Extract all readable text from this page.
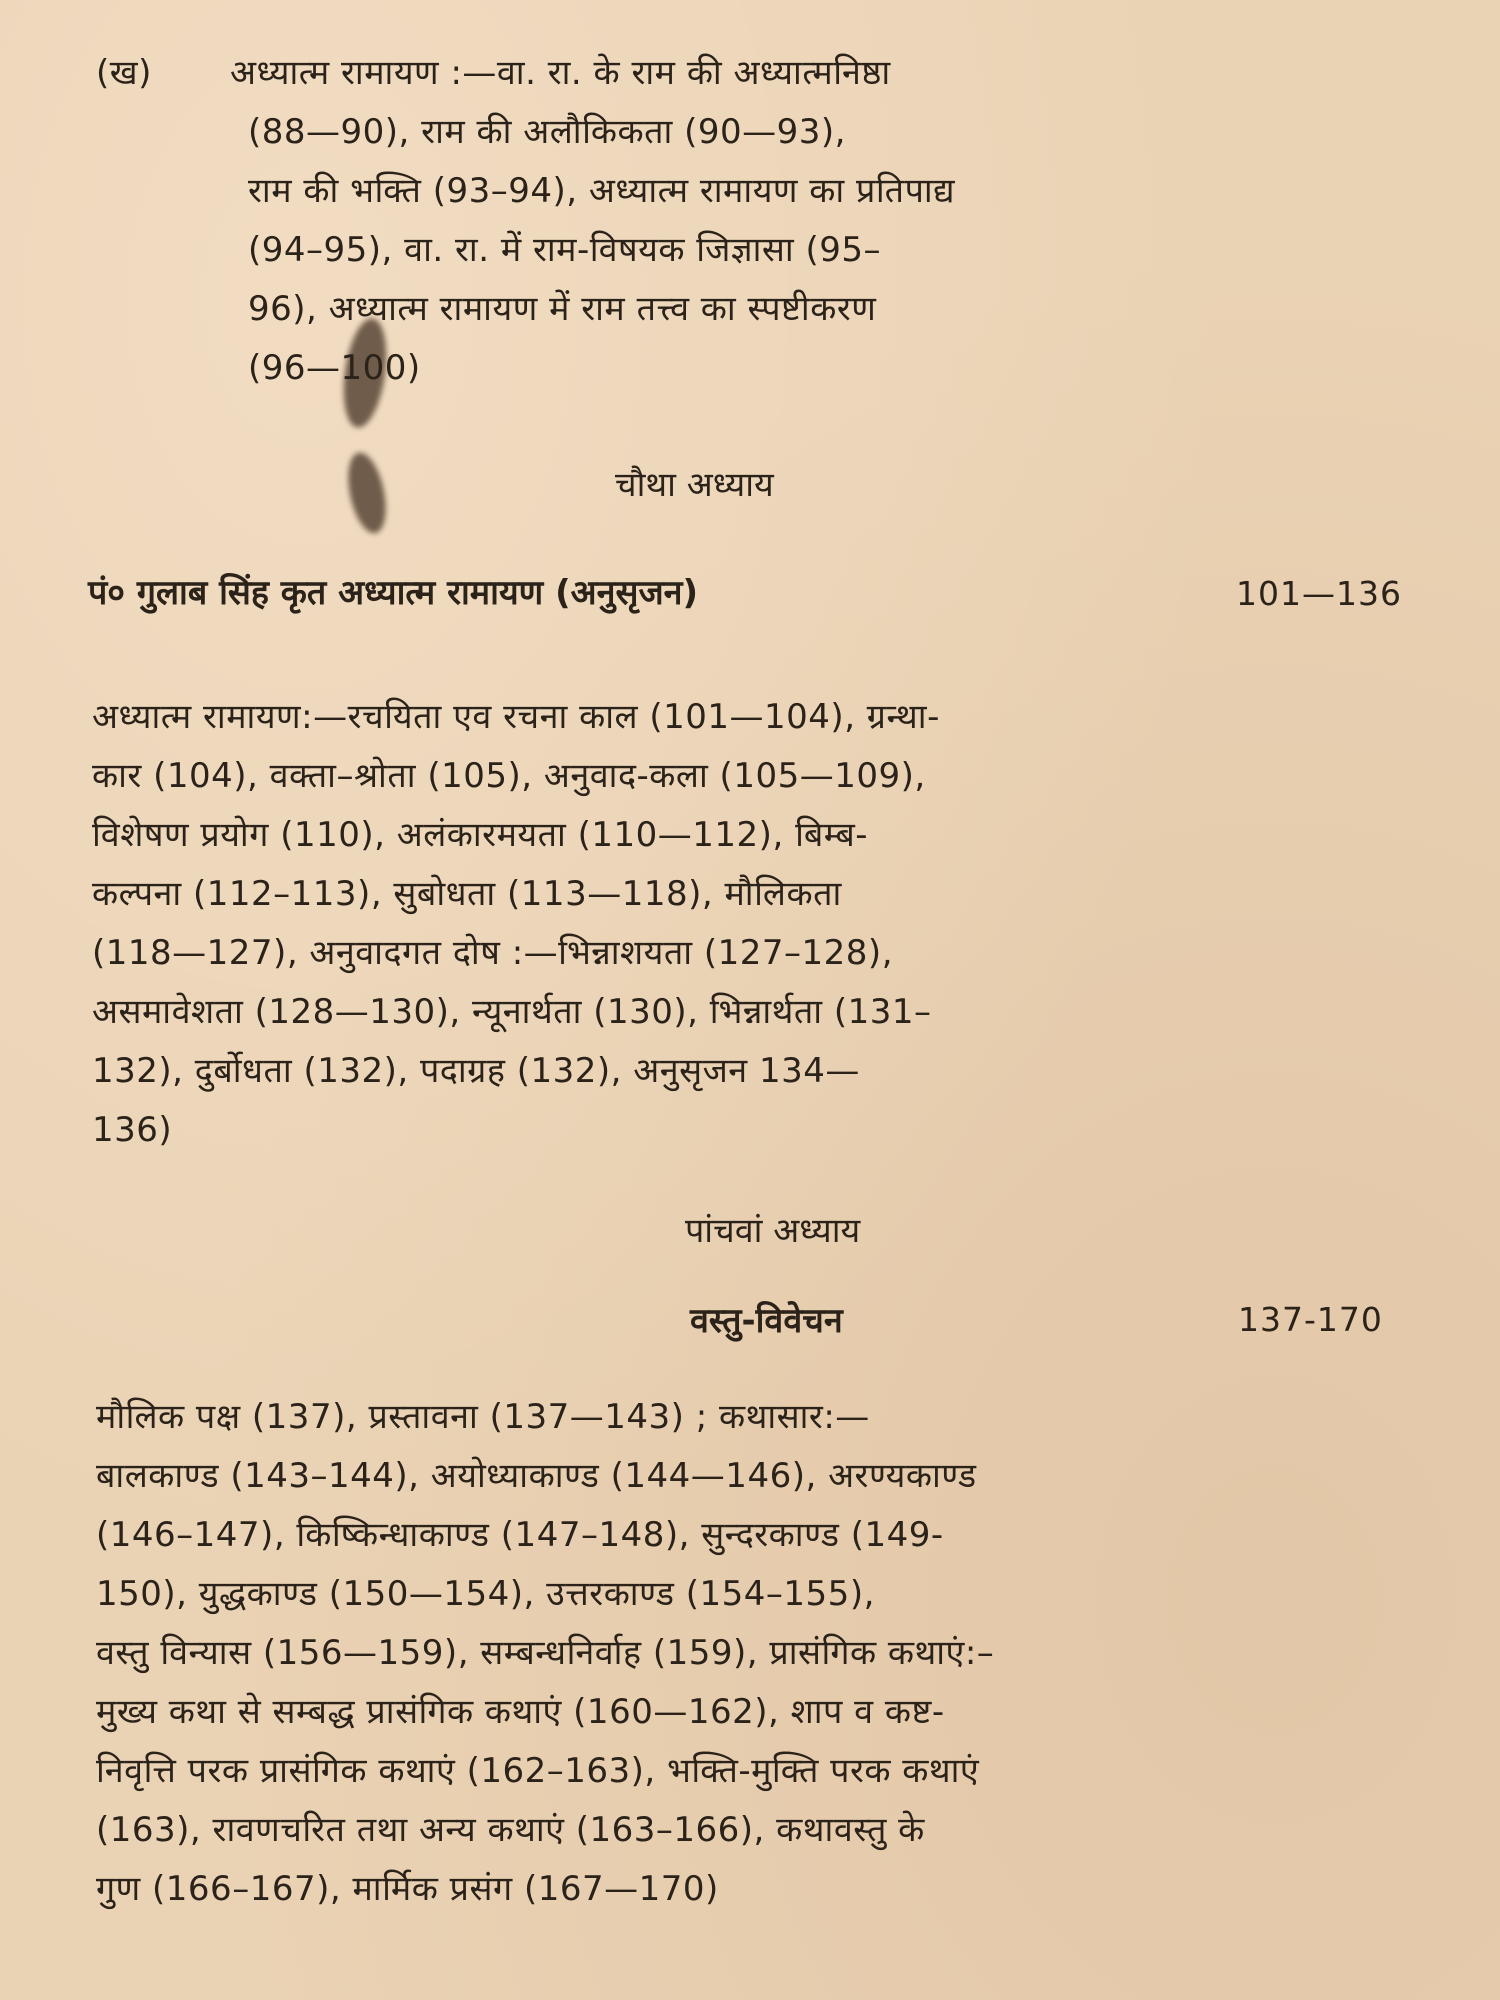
(ख) अध्यात्म रामायण :—वा. रा. के राम की अध्यात्मनिष्ठा
(88—90), राम की अलौकिकता (90—93),
राम की भक्ति (93–94), अध्यात्म रामायण का प्रतिपाद्य
(94–95), वा. रा. में राम-विषयक जिज्ञासा (95–
96), अध्यात्म रामायण में राम तत्त्व का स्पष्टीकरण
(96—100)
चौथा अध्याय
पं० गुलाब सिंह कृत अध्यात्म रामायण (अनुसृजन)	101—136
अध्यात्म रामायण:—रचयिता एव रचना काल (101—104), ग्रन्था-
कार (104), वक्ता–श्रोता (105), अनुवाद-कला (105—109),
विशेषण प्रयोग (110), अलंकारमयता (110—112), बिम्ब-
कल्पना (112–113), सुबोधता (113—118), मौलिकता
(118—127), अनुवादगत दोष :—भिन्नाशयता (127–128),
असमावेशता (128—130), न्यूनार्थता (130), भिन्नार्थता (131–
132), दुर्बोधता (132), पदाग्रह (132), अनुसृजन 134—
136)
पांचवां अध्याय
वस्तु-विवेचन	137-170
मौलिक पक्ष (137), प्रस्तावना (137—143) ; कथासार:—
बालकाण्ड (143–144), अयोध्याकाण्ड (144—146), अरण्यकाण्ड
(146–147), किष्किन्धाकाण्ड (147–148), सुन्दरकाण्ड (149-
150), युद्धकाण्ड (150—154), उत्तरकाण्ड (154–155),
वस्तु विन्यास (156—159), सम्बन्धनिर्वाह (159), प्रासंगिक कथाएं:–
मुख्य कथा से सम्बद्ध प्रासंगिक कथाएं (160—162), शाप व कष्ट-
निवृत्ति परक प्रासंगिक कथाएं (162–163), भक्ति-मुक्ति परक कथाएं
(163), रावणचरित तथा अन्य कथाएं (163–166), कथावस्तु के
गुण (166–167), मार्मिक प्रसंग (167—170)
